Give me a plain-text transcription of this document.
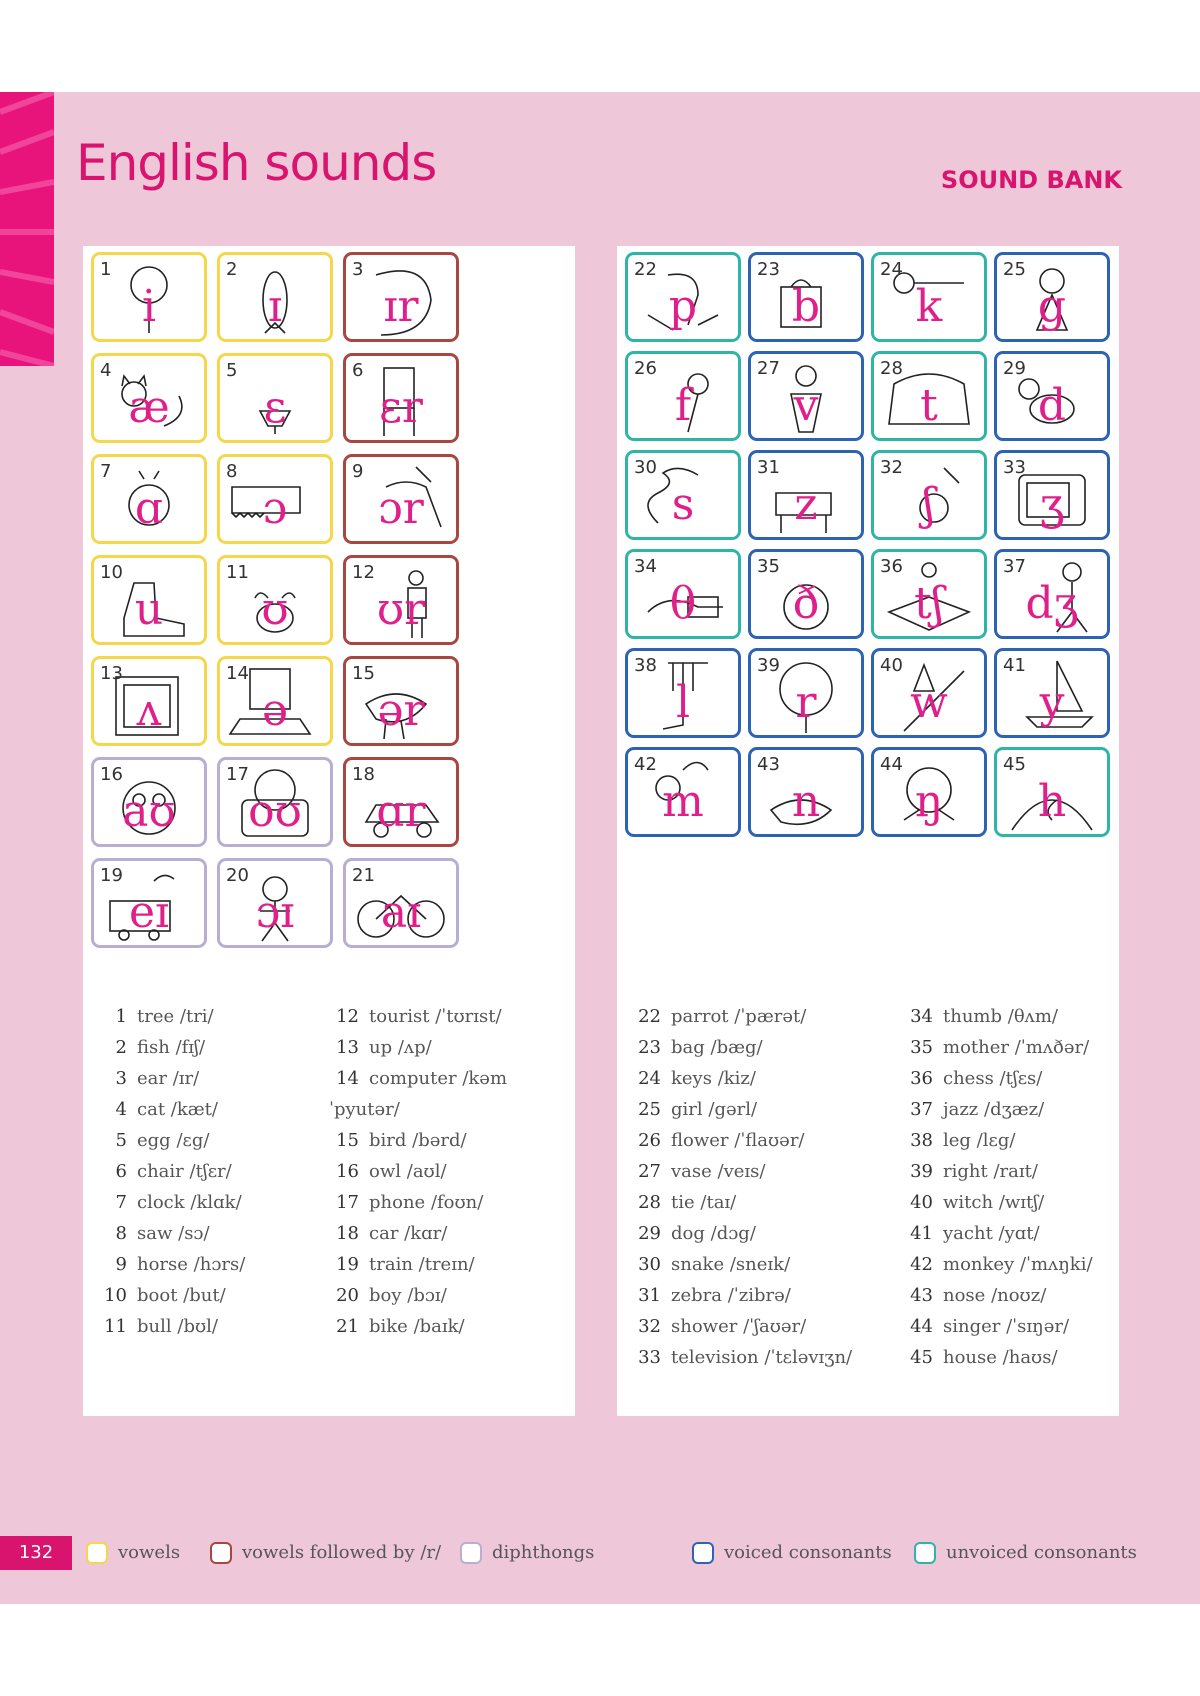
English sounds	SOUND BANK
1
i
2
ɪ
3
ɪr
4
æ
5
ɛ
6
ɛr
7
ɑ
8
ɔ
9
ɔr
10
u
11
ʊ
12
ʊr
13
ʌ
14
ə
15
ər
16
aʊ
17
oʊ
18
ɑr
19
eɪ
20
ɔɪ
21
aɪ
1 tree /tri/
2 fish /fɪʃ/
3 ear /ɪr/
4 cat /kæt/
5 egg /ɛg/
6 chair /tʃɛr/
7 clock /klɑk/
8 saw /sɔ/
9 horse /hɔrs/
10 boot /but/
11 bull /bʊl/
12 tourist /ˈtʊrɪst/
13 up /ʌp/
14 computer /kəmˈpyutər/
15 bird /bərd/
16 owl /aʊl/
17 phone /foʊn/
18 car /kɑr/
19 train /treɪn/
20 boy /bɔɪ/
21 bike /baɪk/
22
p
23
b
24
k
25
g
26
f
27
v
28
t
29
d
30
s
31
z
32
ʃ
33
ʒ
34
θ
35
ð
36
tʃ
37
dʒ
38
l
39
r
40
w
41
y
42
m
43
n
44
ŋ
45
h
22 parrot /ˈpærət/
23 bag /bæg/
24 keys /kiz/
25 girl /gərl/
26 flower /ˈflaʊər/
27 vase /veɪs/
28 tie /taɪ/
29 dog /dɔg/
30 snake /sneɪk/
31 zebra /ˈzibrə/
32 shower /ˈʃaʊər/
33 television /ˈtɛləvɪʒn/
34 thumb /θʌm/
35 mother /ˈmʌðər/
36 chess /tʃɛs/
37 jazz /dʒæz/
38 leg /lɛg/
39 right /raɪt/
40 witch /wɪtʃ/
41 yacht /yɑt/
42 monkey /ˈmʌŋki/
43 nose /noʊz/
44 singer /ˈsɪŋər/
45 house /haʊs/
132	vowels	vowels followed by /r/	diphthongs	voiced consonants	unvoiced consonants
